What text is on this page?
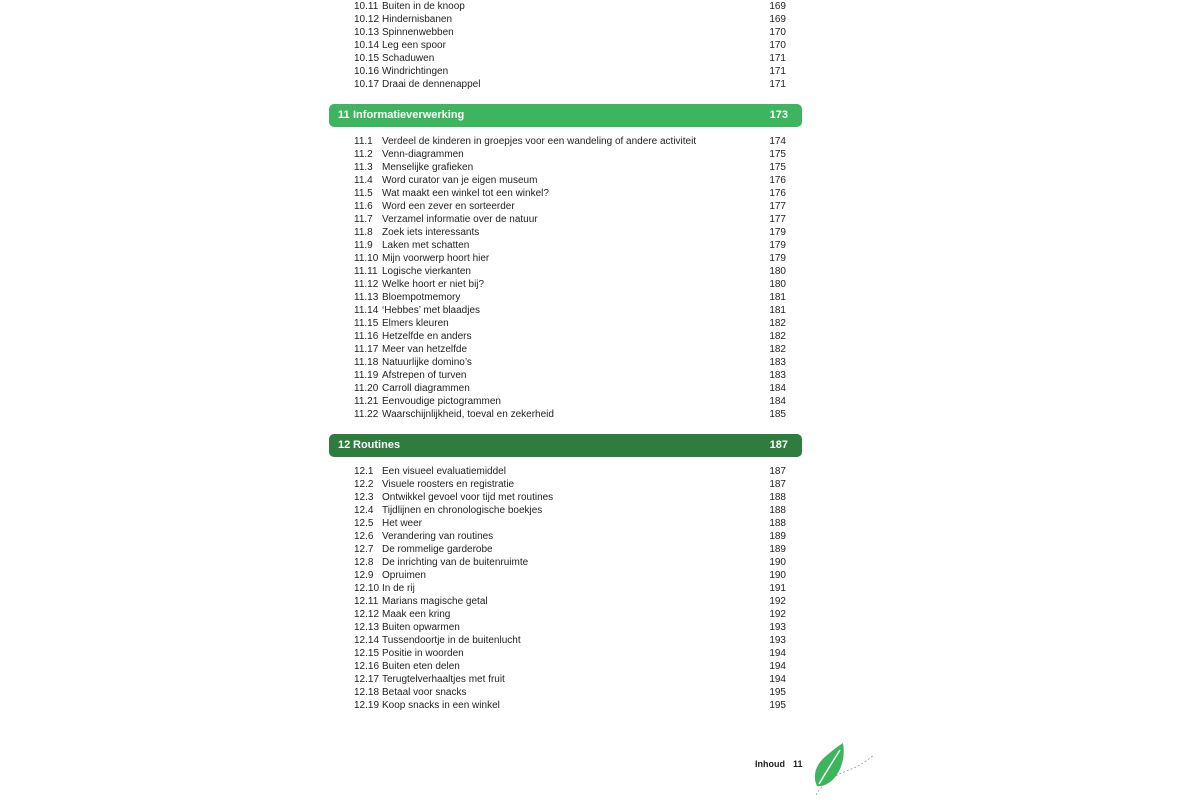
10.11 Buiten in de knoop	169
10.12 Hindernisbanen	169
10.13 Spinnenwebben	170
10.14 Leg een spoor	170
10.15 Schaduwen	171
10.16 Windrichtingen	171
10.17 Draai de dennenappel	171
11 Informatieverwerking	173
11.1 Verdeel de kinderen in groepjes voor een wandeling of andere activiteit	174
11.2 Venn-diagrammen	175
11.3 Menselijke grafieken	175
11.4 Word curator van je eigen museum	176
11.5 Wat maakt een winkel tot een winkel?	176
11.6 Word een zever en sorteerder	177
11.7 Verzamel informatie over de natuur	177
11.8 Zoek iets interessants	179
11.9 Laken met schatten	179
11.10 Mijn voorwerp hoort hier	179
11.11 Logische vierkanten	180
11.12 Welke hoort er niet bij?	180
11.13 Bloempotmemory	181
11.14 ‘Hebbes’ met blaadjes	181
11.15 Elmers kleuren	182
11.16 Hetzelfde en anders	182
11.17 Meer van hetzelfde	182
11.18 Natuurlijke domino’s	183
11.19 Afstrepen of turven	183
11.20 Carroll diagrammen	184
11.21 Eenvoudige pictogrammen	184
11.22 Waarschijnlijkheid, toeval en zekerheid	185
12 Routines	187
12.1 Een visueel evaluatiemiddel	187
12.2 Visuele roosters en registratie	187
12.3 Ontwikkel gevoel voor tijd met routines	188
12.4 Tijdlijnen en chronologische boekjes	188
12.5 Het weer	188
12.6 Verandering van routines	189
12.7 De rommelige garderobe	189
12.8 De inrichting van de buitenruimte	190
12.9 Opruimen	190
12.10 In de rij	191
12.11 Marians magische getal	192
12.12 Maak een kring	192
12.13 Buiten opwarmen	193
12.14 Tussendoortje in de buitenlucht	193
12.15 Positie in woorden	194
12.16 Buiten eten delen	194
12.17 Terugtelverhaaltjes met fruit	194
12.18 Betaal voor snacks	195
12.19 Koop snacks in een winkel	195
Inhoud 11
